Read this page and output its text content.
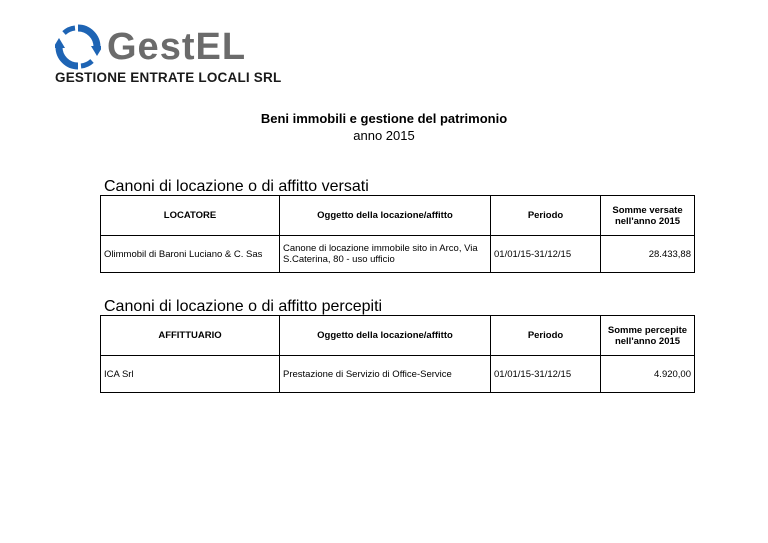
GestEL
GESTIONE ENTRATE LOCALI SRL
Beni immobili e gestione del patrimonio
anno 2015
Canoni di locazione o di affitto versati
LOCATORE	Oggetto della locazione/affitto	Periodo	Somme versate nell'anno 2015
Olimmobil di Baroni Luciano & C. Sas	Canone di locazione immobile sito in Arco, Via S.Caterina, 80 - uso ufficio	01/01/15-31/12/15	28.433,88
Canoni di locazione o di affitto percepiti
AFFITTUARIO	Oggetto della locazione/affitto	Periodo	Somme percepite nell'anno 2015
ICA Srl	Prestazione di Servizio di Office-Service	01/01/15-31/12/15	4.920,00
